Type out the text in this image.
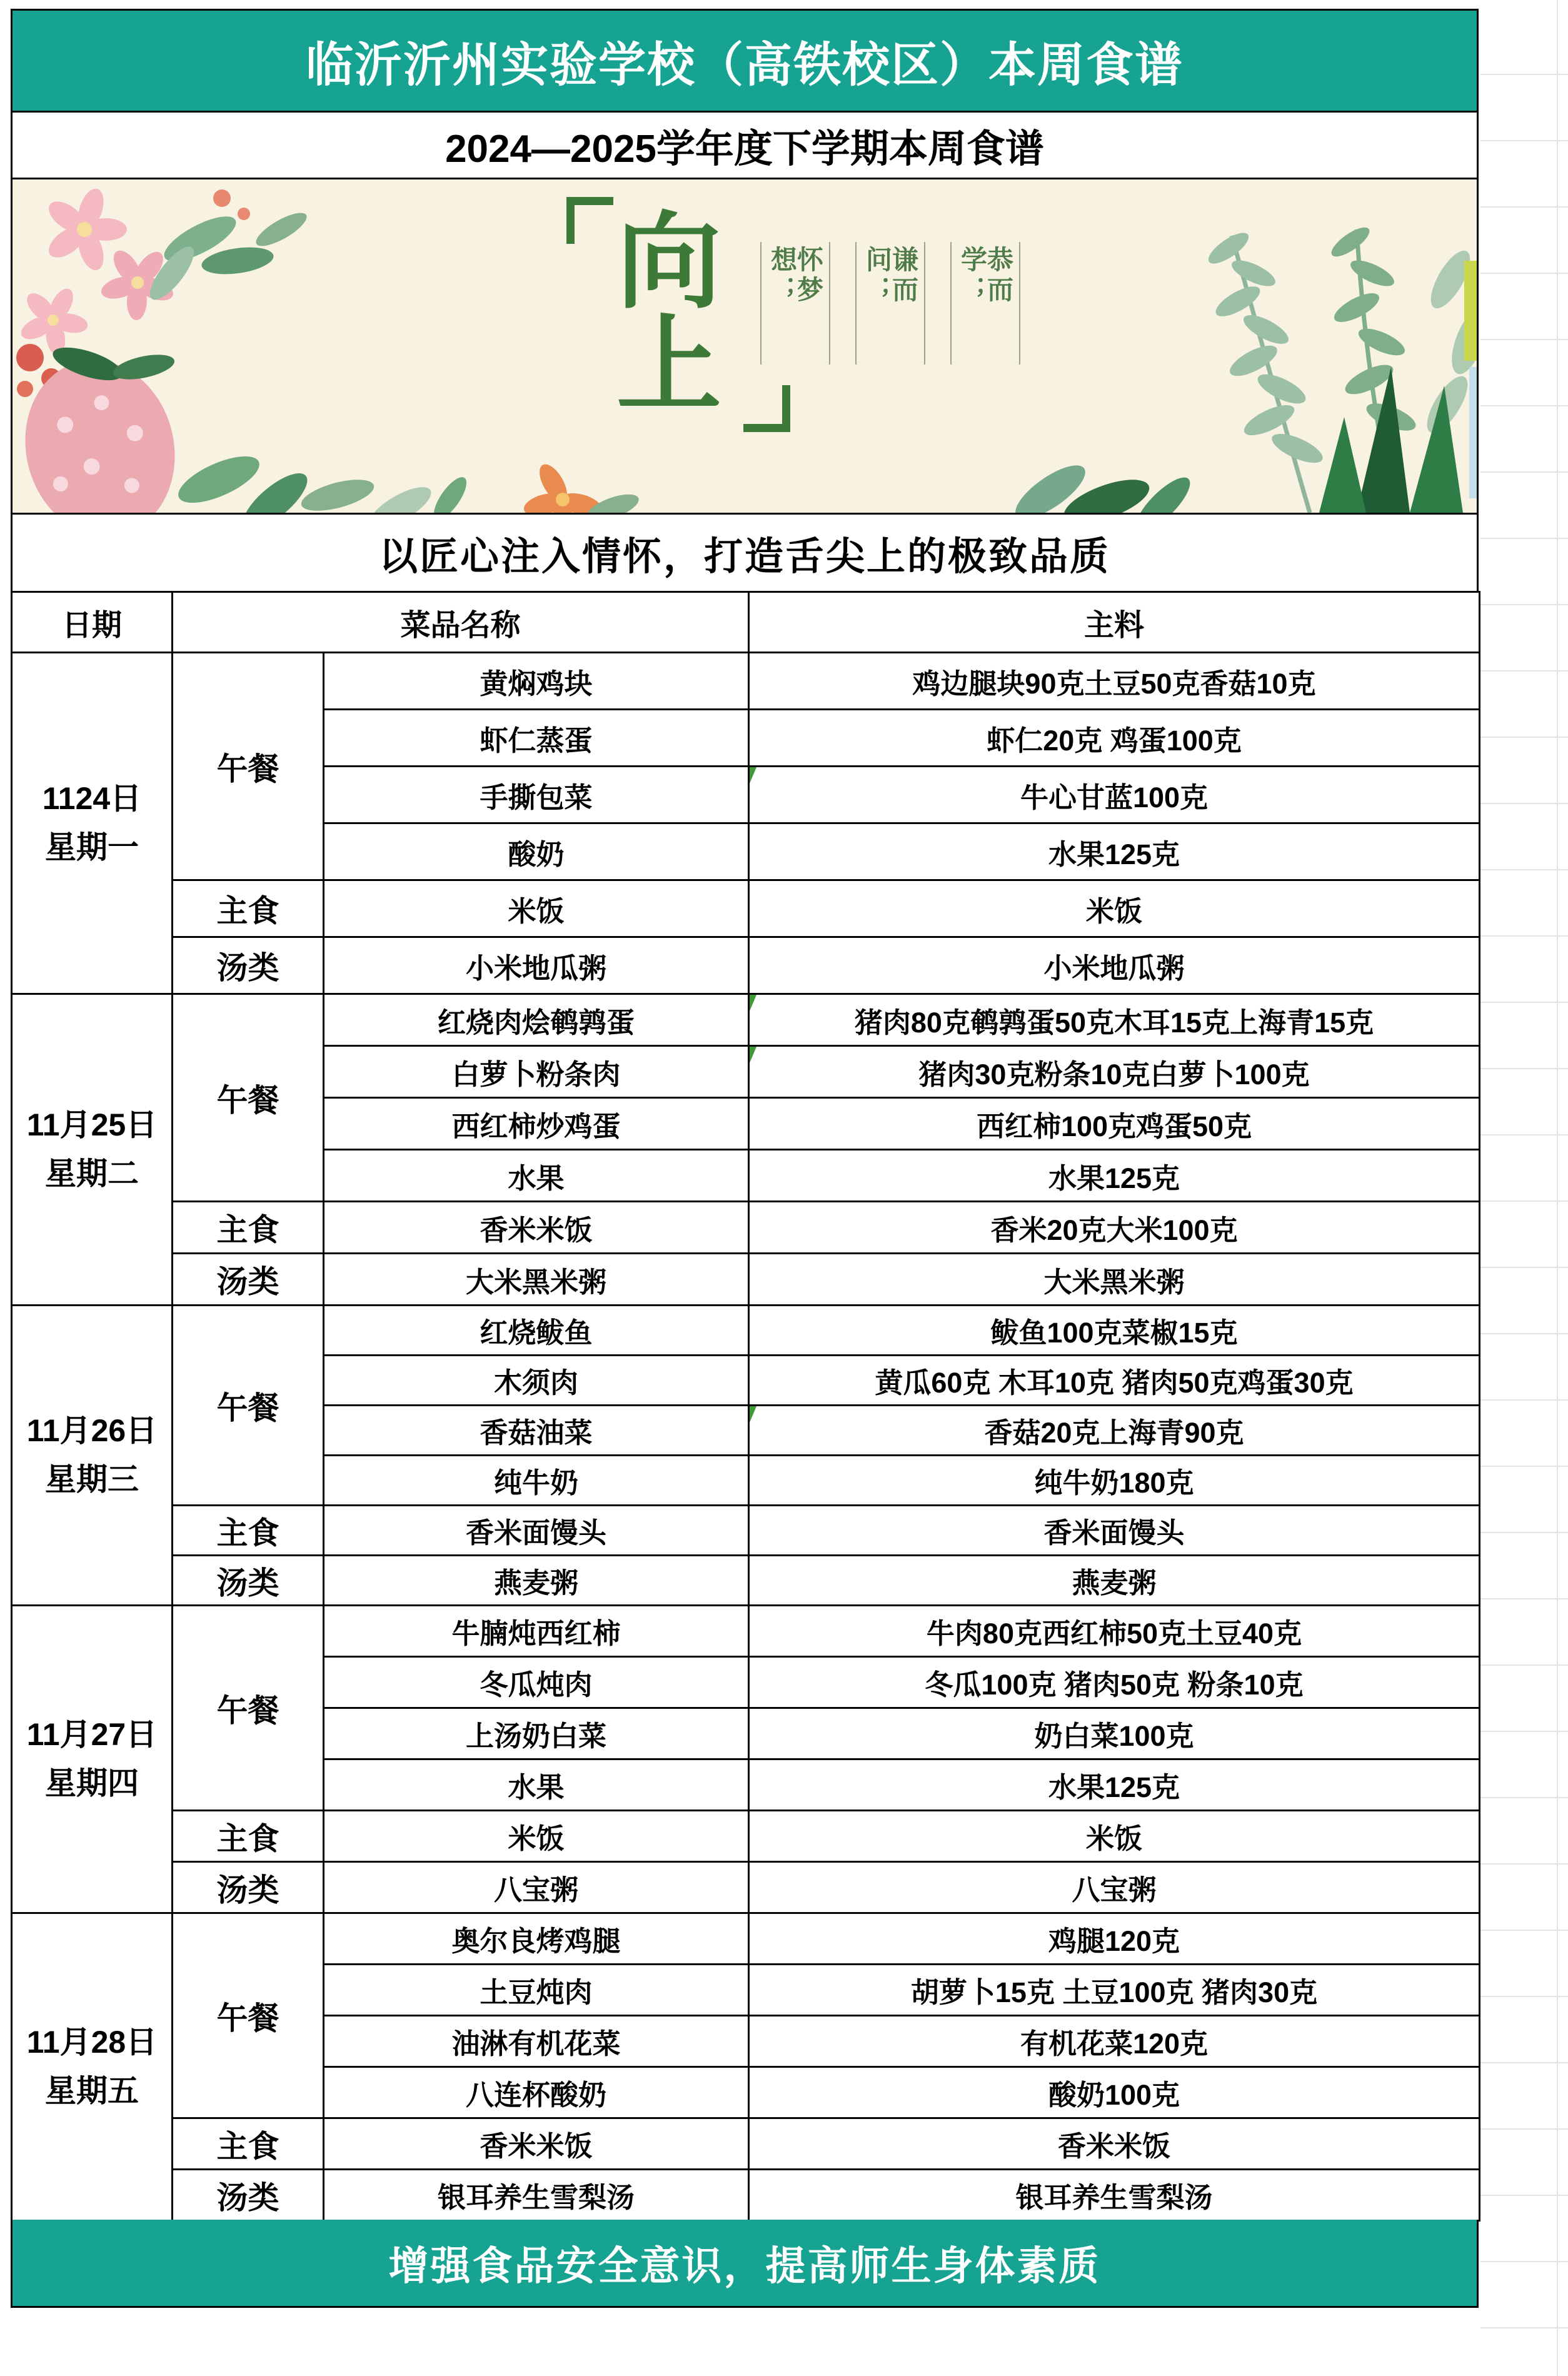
临沂沂州实验学校（高铁校区）本周食谱
2024—2025学年度下学期本周食谱
向
上
怀梦想；	谦而问；	恭而学；
以匠心注入情怀，打造舌尖上的极致品质
日期	菜品名称		主料

1124日
星期一	午餐	黄焖鸡块	鸡边腿块90克土豆50克香菇10克
		虾仁蒸蛋	虾仁20克 鸡蛋100克
		手撕包菜	牛心甘蓝100克
		酸奶	水果125克
	主食	米饭	米饭
	汤类	小米地瓜粥	小米地瓜粥

11月25日
星期二	午餐	红烧肉烩鹌鹑蛋	猪肉80克鹌鹑蛋50克木耳15克上海青15克
		白萝卜粉条肉	猪肉30克粉条10克白萝卜100克
		西红柿炒鸡蛋	西红柿100克鸡蛋50克
		水果	水果125克
	主食	香米米饭	香米20克大米100克
	汤类	大米黑米粥	大米黑米粥

11月26日
星期三	午餐	红烧鲅鱼	鲅鱼100克菜椒15克
		木须肉	黄瓜60克 木耳10克 猪肉50克鸡蛋30克
		香菇油菜	香菇20克上海青90克
		纯牛奶	纯牛奶180克
	主食	香米面馒头	香米面馒头
	汤类	燕麦粥	燕麦粥

11月27日
星期四	午餐	牛腩炖西红柿	牛肉80克西红柿50克土豆40克
		冬瓜炖肉	冬瓜100克 猪肉50克 粉条10克
		上汤奶白菜	奶白菜100克
		水果	水果125克
	主食	米饭	米饭
	汤类	八宝粥	八宝粥

11月28日
星期五	午餐	奥尔良烤鸡腿	鸡腿120克
		土豆炖肉	胡萝卜15克 土豆100克 猪肉30克
		油淋有机花菜	有机花菜120克
		八连杯酸奶	酸奶100克
	主食	香米米饭	香米米饭
	汤类	银耳养生雪梨汤	银耳养生雪梨汤
增强食品安全意识，提高师生身体素质
